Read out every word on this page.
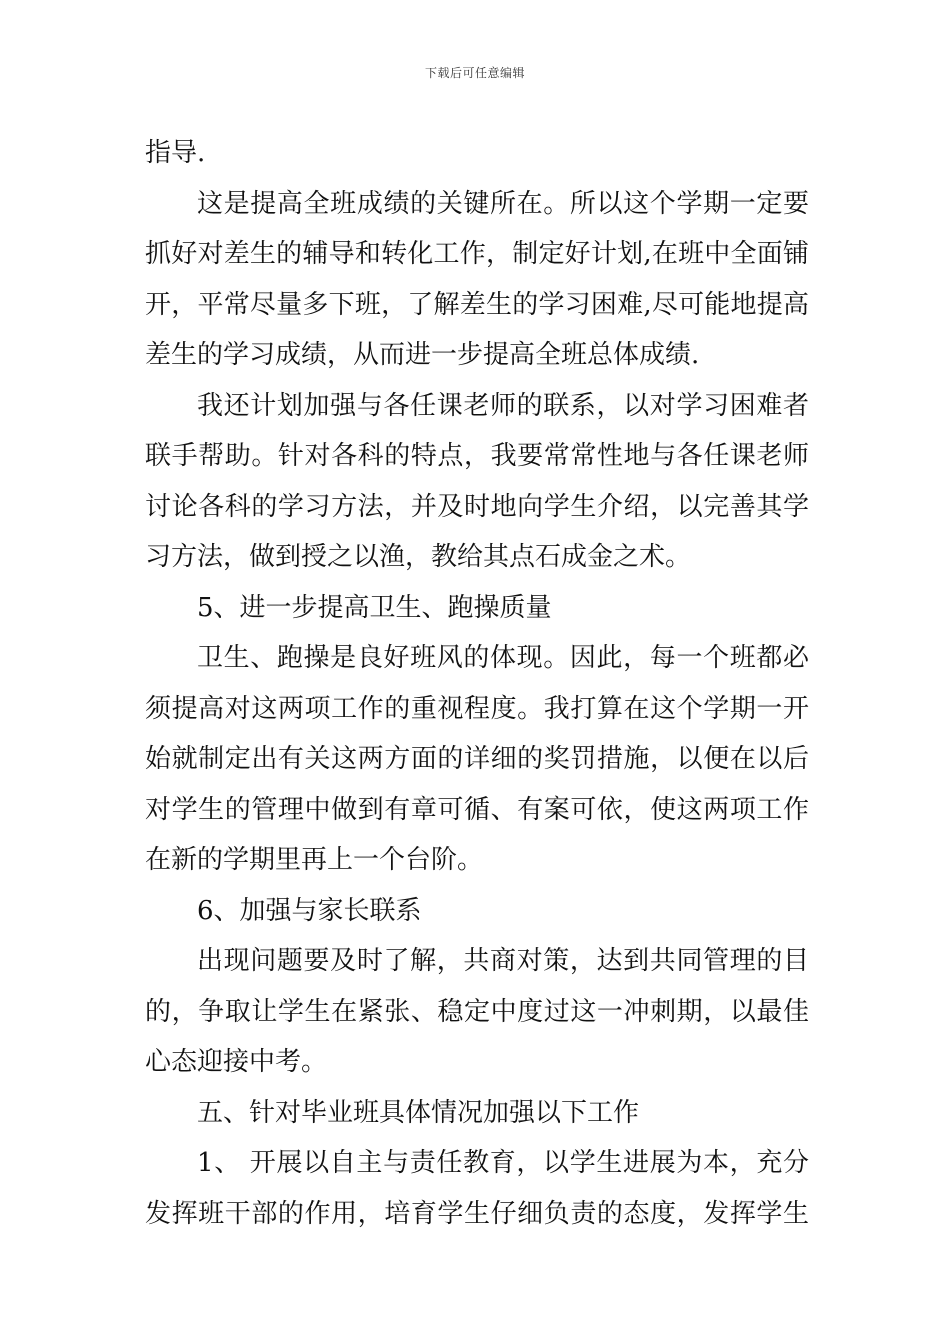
下载后可任意编辑
指导.
这是提高全班成绩的关键所在。所以这个学期一定要
抓好对差生的辅导和转化工作，制定好计划,在班中全面铺
开，平常尽量多下班，了解差生的学习困难,尽可能地提高
差生的学习成绩，从而进一步提高全班总体成绩.
我还计划加强与各任课老师的联系，以对学习困难者
联手帮助。针对各科的特点，我要常常性地与各任课老师
讨论各科的学习方法，并及时地向学生介绍，以完善其学
习方法，做到授之以渔，教给其点石成金之术。
5、进一步提高卫生、跑操质量
卫生、跑操是良好班风的体现。因此，每一个班都必
须提高对这两项工作的重视程度。我打算在这个学期一开
始就制定出有关这两方面的详细的奖罚措施，以便在以后
对学生的管理中做到有章可循、有案可依，使这两项工作
在新的学期里再上一个台阶。
6、加强与家长联系
出现问题要及时了解，共商对策，达到共同管理的目
的，争取让学生在紧张、稳定中度过这一冲刺期，以最佳
心态迎接中考。
五、针对毕业班具体情况加强以下工作
1、 开展以自主与责任教育，以学生进展为本，充分
发挥班干部的作用，培育学生仔细负责的态度，发挥学生
